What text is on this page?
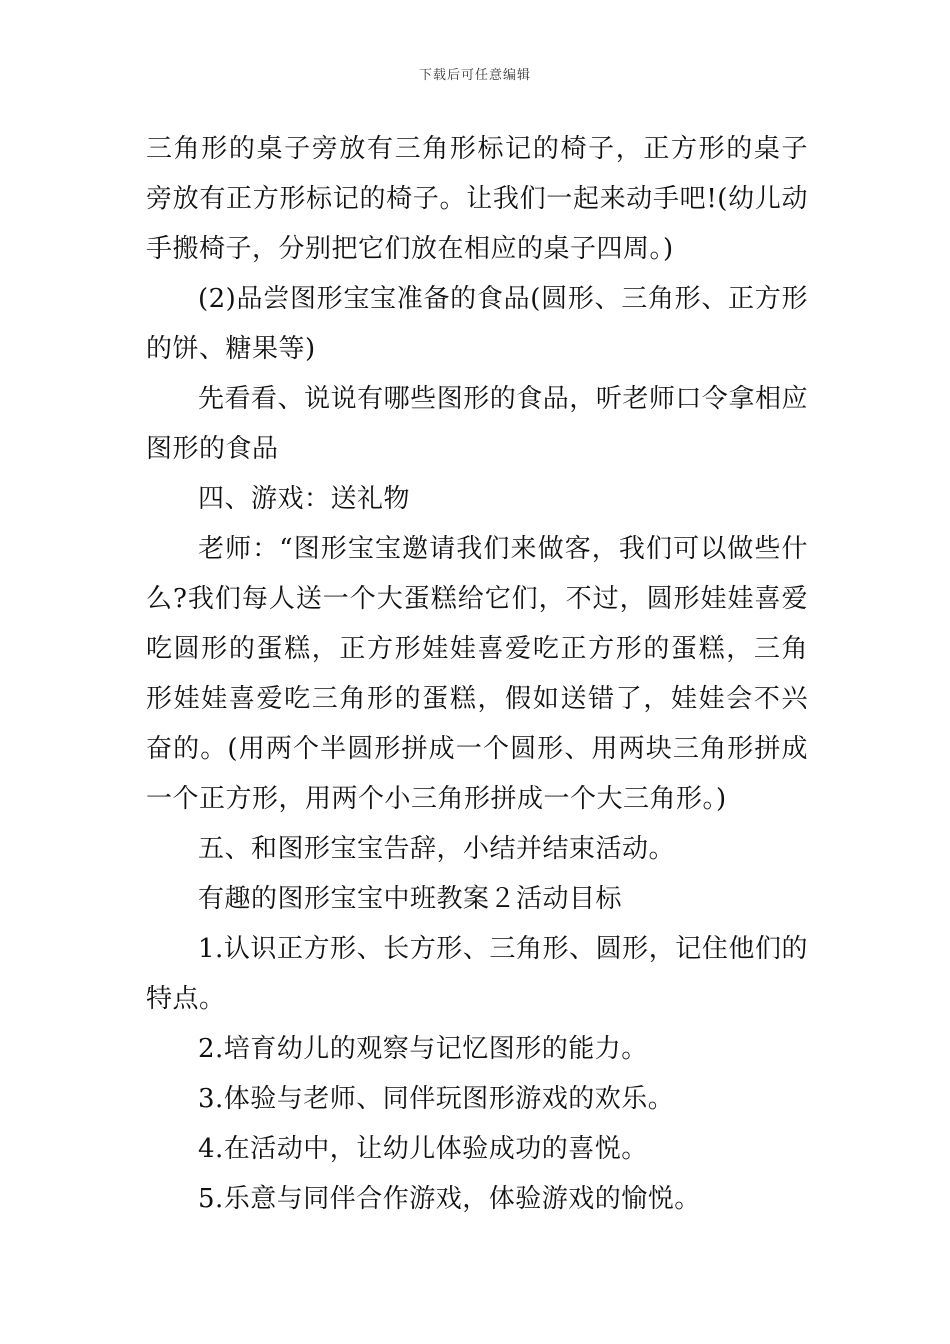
下载后可任意编辑

三角形的桌子旁放有三角形标记的椅子，正方形的桌子旁放有正方形标记的椅子。让我们一起来动手吧!(幼儿动手搬椅子，分别把它们放在相应的桌子四周。)

(2)品尝图形宝宝准备的食品(圆形、三角形、正方形的饼、糖果等)

先看看、说说有哪些图形的食品，听老师口令拿相应图形的食品

四、游戏：送礼物

老师：“图形宝宝邀请我们来做客，我们可以做些什么?我们每人送一个大蛋糕给它们，不过，圆形娃娃喜爱吃圆形的蛋糕，正方形娃娃喜爱吃正方形的蛋糕，三角形娃娃喜爱吃三角形的蛋糕，假如送错了，娃娃会不兴奋的。(用两个半圆形拼成一个圆形、用两块三角形拼成一个正方形，用两个小三角形拼成一个大三角形。)

五、和图形宝宝告辞，小结并结束活动。

有趣的图形宝宝中班教案２活动目标

1.认识正方形、长方形、三角形、圆形，记住他们的特点。

2.培育幼儿的观察与记忆图形的能力。

3.体验与老师、同伴玩图形游戏的欢乐。

4.在活动中，让幼儿体验成功的喜悦。

5.乐意与同伴合作游戏，体验游戏的愉悦。
